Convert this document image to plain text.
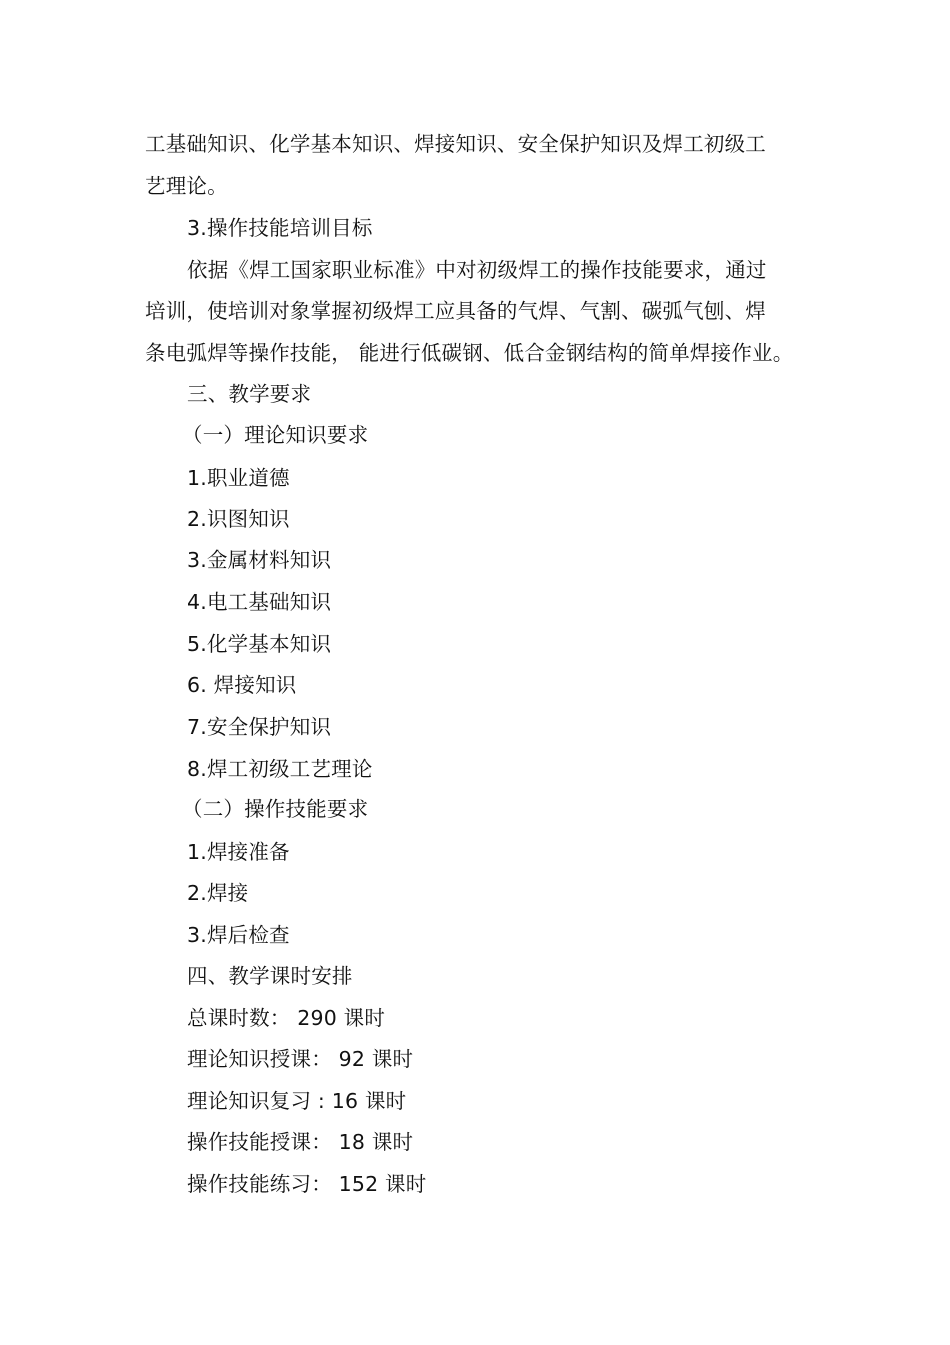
工基础知识、化学基本知识、焊接知识、安全保护知识及焊工初级工
艺理论。
3.操作技能培训目标
依据《焊工国家职业标准》中对初级焊工的操作技能要求，通过
培训，使培训对象掌握初级焊工应具备的气焊、气割、碳弧气刨、焊
条电弧焊等操作技能， 能进行低碳钢、低合金钢结构的简单焊接作业。
三、教学要求
（一）理论知识要求
1.职业道德
2.识图知识
3.金属材料知识
4.电工基础知识
5.化学基本知识
6. 焊接知识
7.安全保护知识
8.焊工初级工艺理论
（二）操作技能要求
1.焊接准备
2.焊接
3.焊后检查
四、教学课时安排
总课时数： 290 课时
理论知识授课： 92 课时
理论知识复习 : 16 课时
操作技能授课： 18 课时
操作技能练习： 152 课时
